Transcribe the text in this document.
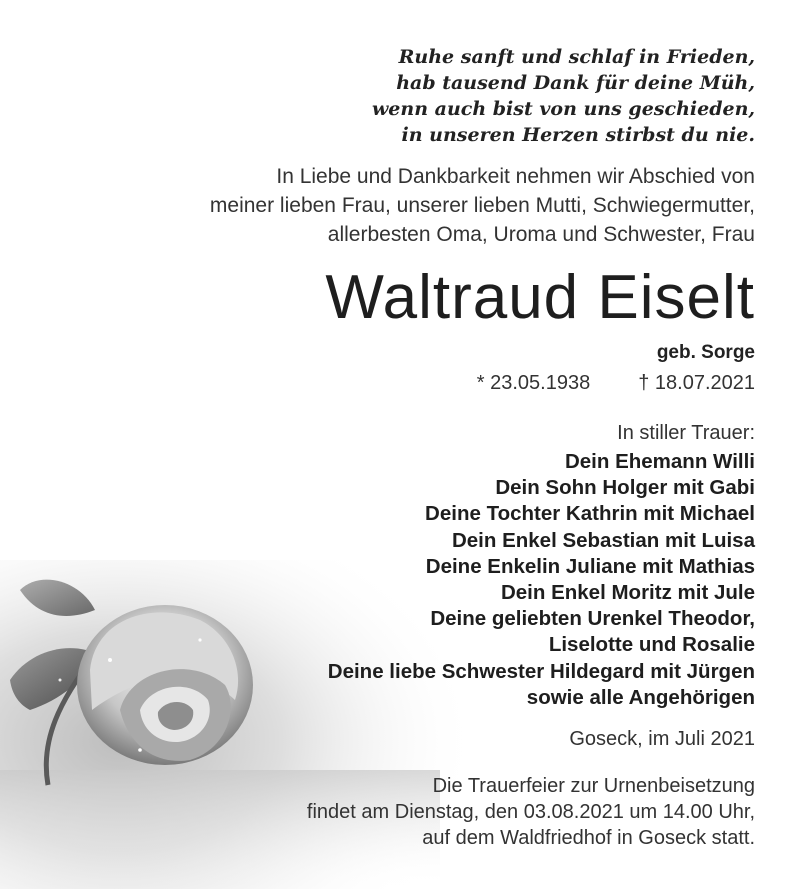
Ruhe sanft und schlaf in Frieden,
hab tausend Dank für deine Müh,
wenn auch bist von uns geschieden,
in unseren Herzen stirbst du nie.
In Liebe und Dankbarkeit nehmen wir Abschied von
meiner lieben Frau, unserer lieben Mutti, Schwiegermutter,
allerbesten Oma, Uroma und Schwester, Frau
Waltraud Eiselt
geb. Sorge
* 23.05.1938 † 18.07.2021
In stiller Trauer:
Dein Ehemann Willi
Dein Sohn Holger mit Gabi
Deine Tochter Kathrin mit Michael
Dein Enkel Sebastian mit Luisa
Deine Enkelin Juliane mit Mathias
Dein Enkel Moritz mit Jule
Deine geliebten Urenkel Theodor,
Liselotte und Rosalie
Deine liebe Schwester Hildegard mit Jürgen
sowie alle Angehörigen
Goseck, im Juli 2021
Die Trauerfeier zur Urnenbeisetzung
findet am Dienstag, den 03.08.2021 um 14.00 Uhr,
auf dem Waldfriedhof in Goseck statt.
